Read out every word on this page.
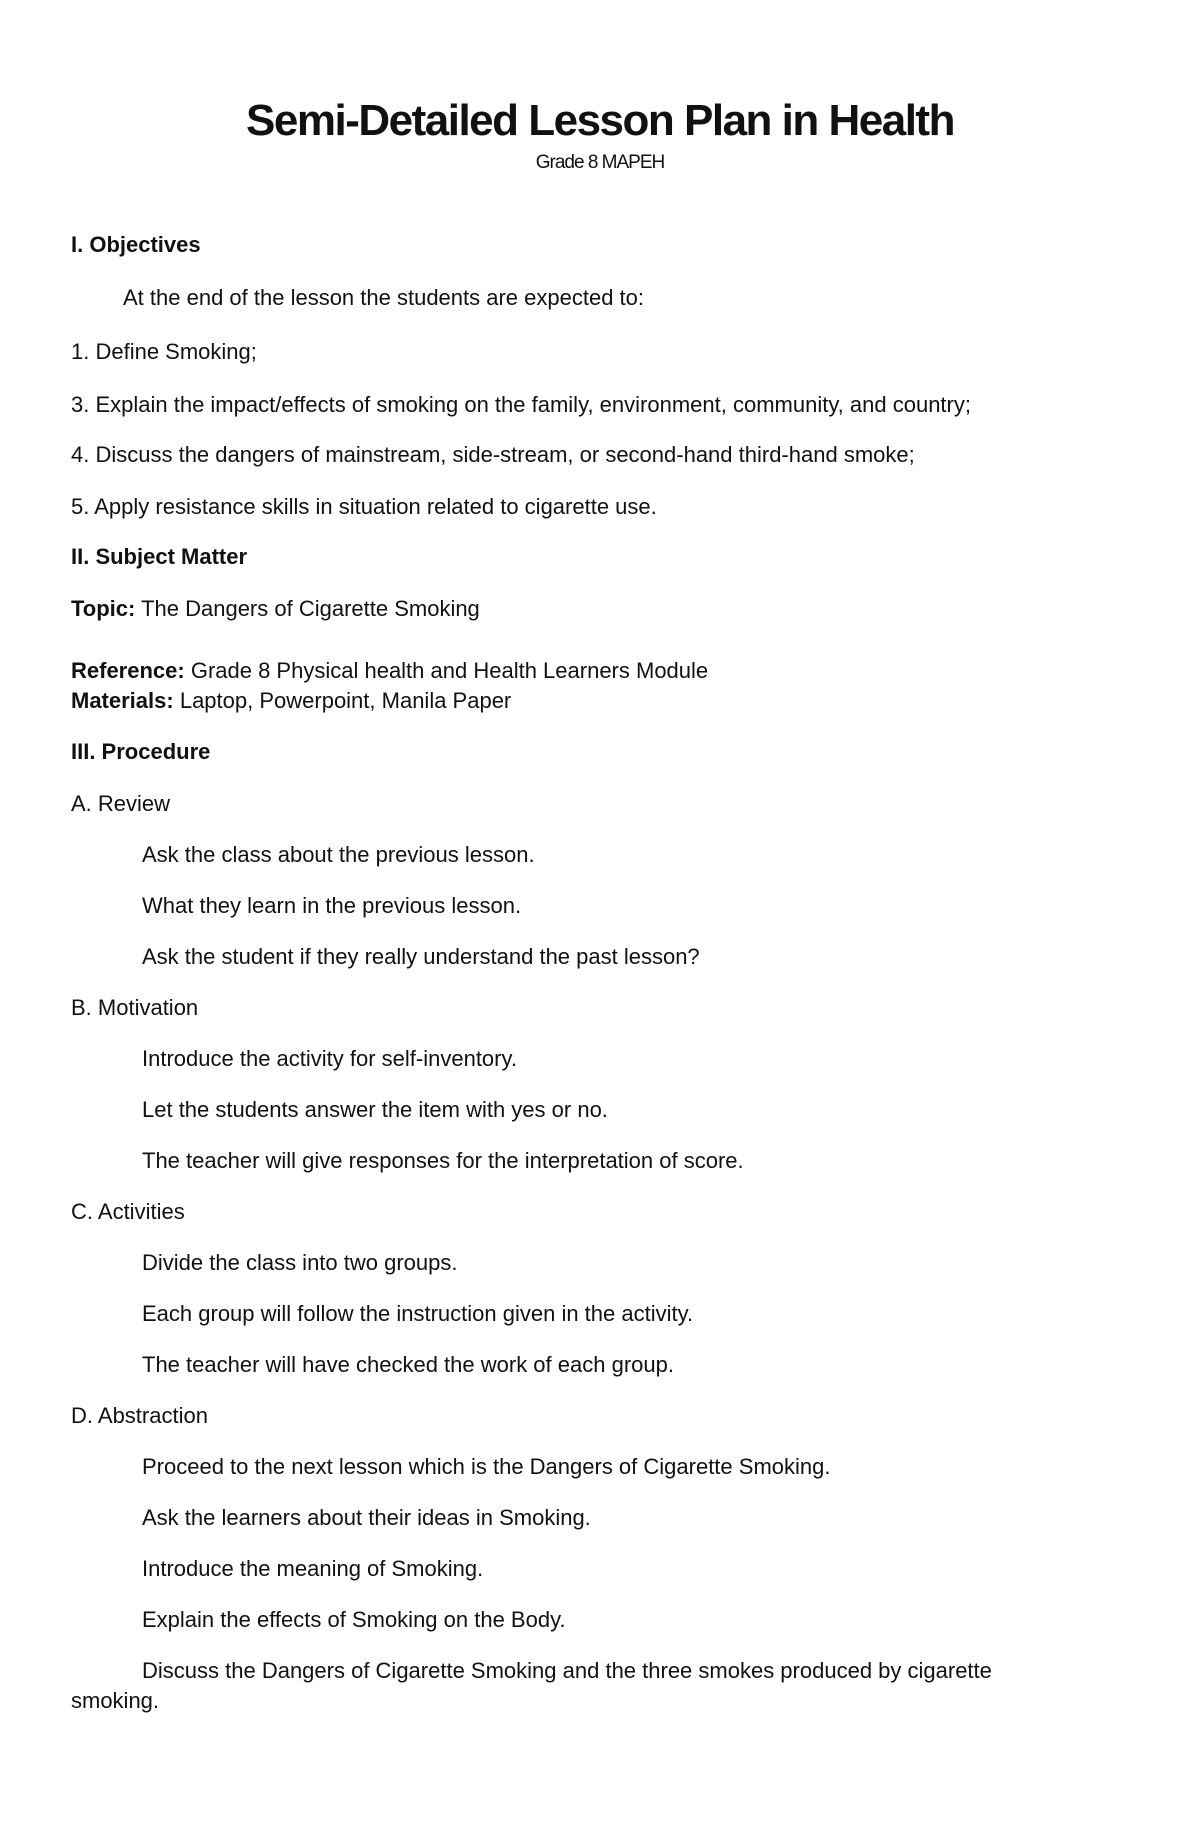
Semi-Detailed Lesson Plan in Health
Grade 8 MAPEH
I. Objectives
At the end of the lesson the students are expected to:
1. Define Smoking;
3. Explain the impact/effects of smoking on the family, environment, community, and country;
4. Discuss the dangers of mainstream, side-stream, or second-hand third-hand smoke;
5. Apply resistance skills in situation related to cigarette use.
II. Subject Matter
Topic: The Dangers of Cigarette Smoking
Reference: Grade 8 Physical health and Health Learners Module
Materials: Laptop, Powerpoint, Manila Paper
III. Procedure
A. Review
Ask the class about the previous lesson.
What they learn in the previous lesson.
Ask the student if they really understand the past lesson?
B. Motivation
Introduce the activity for self-inventory.
Let the students answer the item with yes or no.
The teacher will give responses for the interpretation of score.
C. Activities
Divide the class into two groups.
Each group will follow the instruction given in the activity.
The teacher will have checked the work of each group.
D. Abstraction
Proceed to the next lesson which is the Dangers of Cigarette Smoking.
Ask the learners about their ideas in Smoking.
Introduce the meaning of Smoking.
Explain the effects of Smoking on the Body.
Discuss the Dangers of Cigarette Smoking and the three smokes produced by cigarette smoking.
